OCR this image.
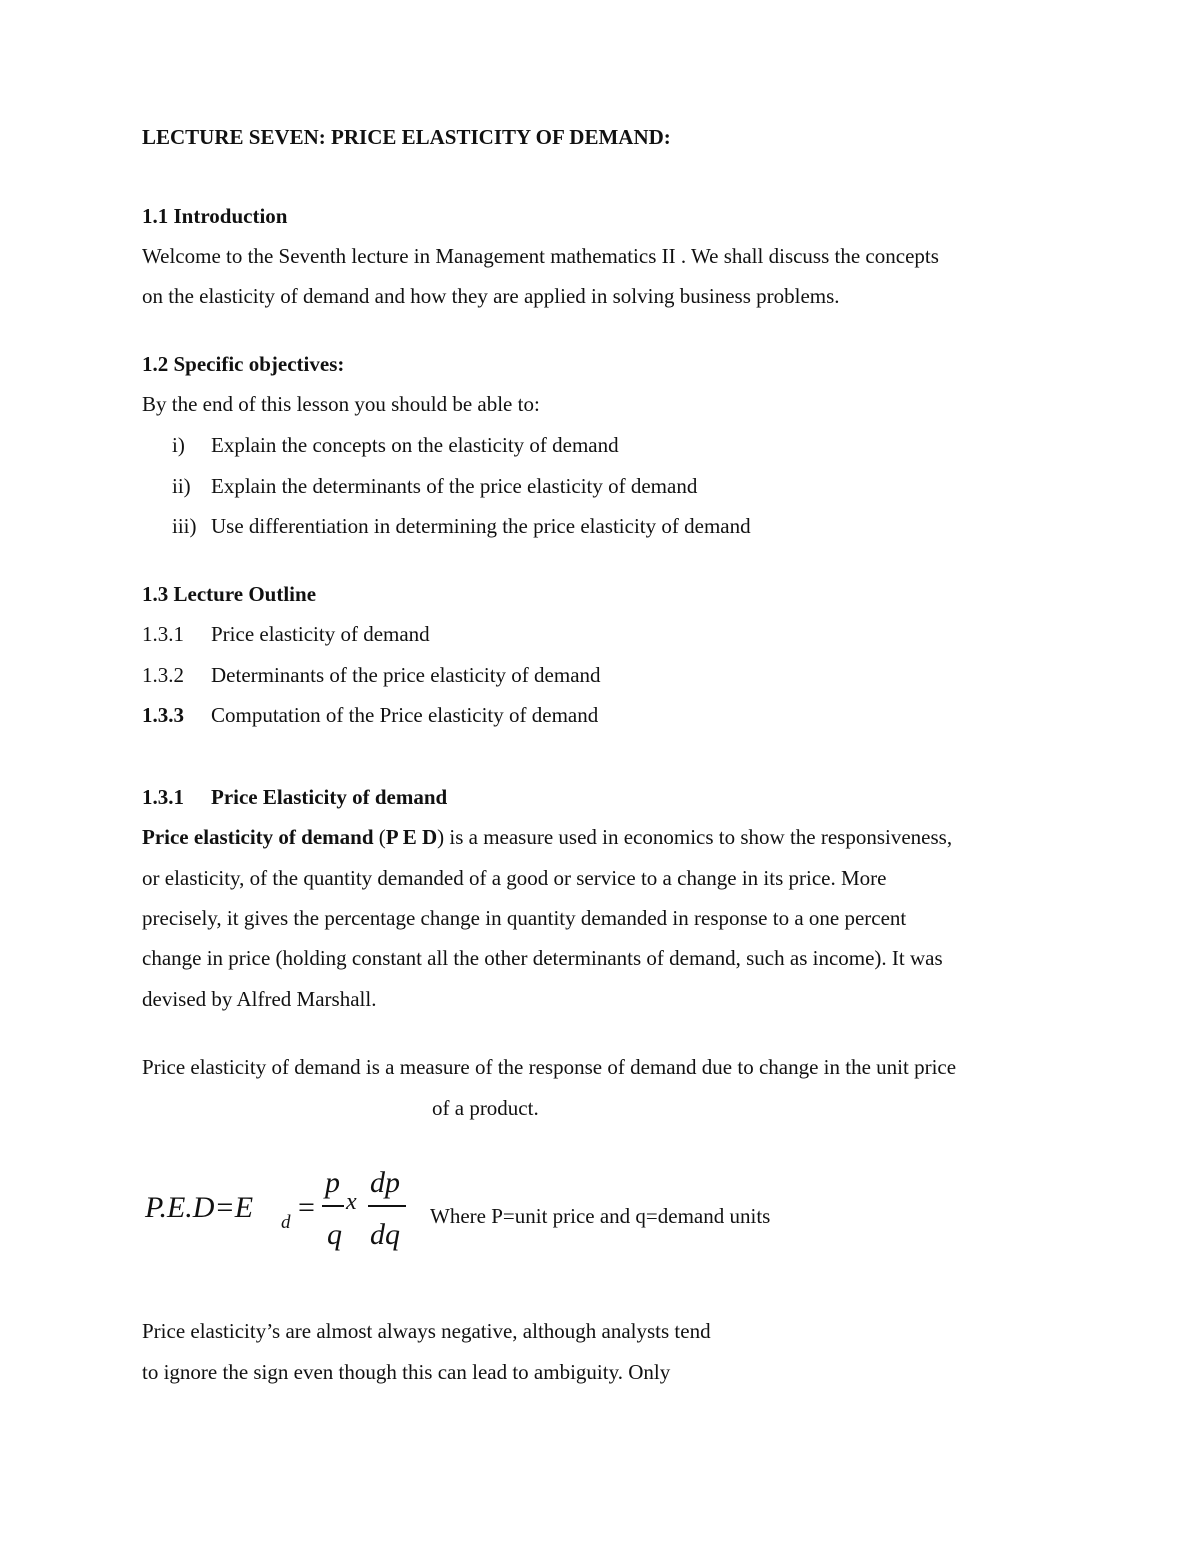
LECTURE SEVEN: PRICE ELASTICITY OF DEMAND:
1.1 Introduction
Welcome to the Seventh lecture in Management mathematics II . We shall discuss the concepts
on the elasticity of demand and how they are applied in solving business problems.
1.2 Specific objectives:
By the end of this lesson you should be able to:
i) Explain the concepts on the elasticity of demand
ii) Explain the determinants of the price elasticity of demand
iii) Use differentiation in determining the price elasticity of demand
1.3 Lecture Outline
1.3.1 Price elasticity of demand
1.3.2 Determinants of the price elasticity of demand
1.3.3 Computation of the Price elasticity of demand
1.3.1 Price Elasticity of demand
Price elasticity of demand (P E D) is a measure used in economics to show the responsiveness,
or elasticity, of the quantity demanded of a good or service to a change in its price. More
precisely, it gives the percentage change in quantity demanded in response to a one percent
change in price (holding constant all the other determinants of demand, such as income). It was
devised by Alfred Marshall.
Price elasticity of demand is a measure of the response of demand due to change in the unit price
of a product.
P.E.D=E d =
p
q
x
dp
dq
Where P=unit price and q=demand units
Price elasticity’s are almost always negative, although analysts tend
to ignore the sign even though this can lead to ambiguity. Only
